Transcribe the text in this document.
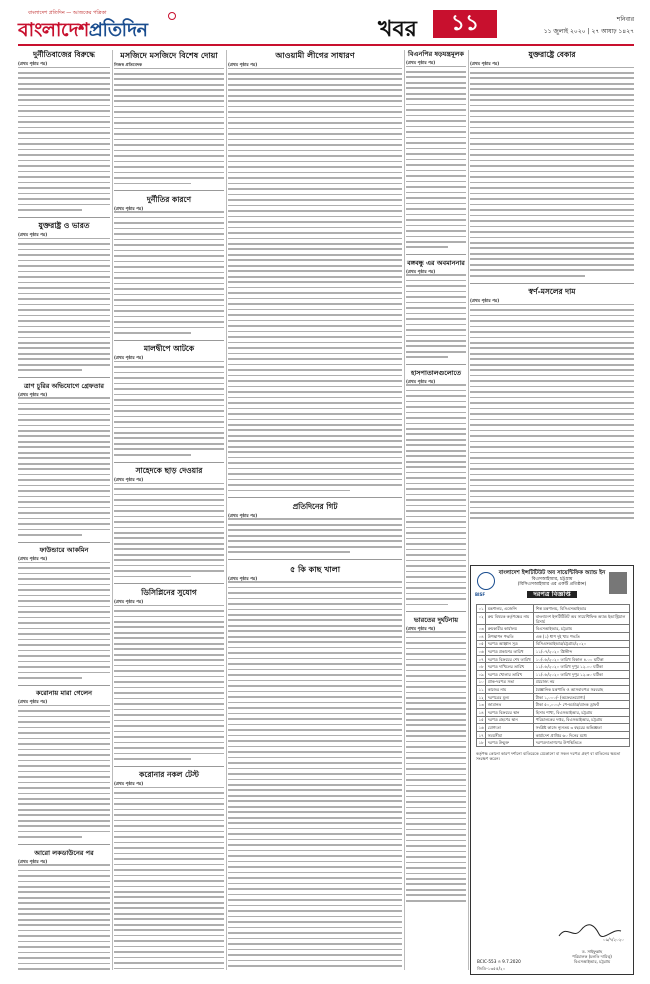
বাংলাদেশ প্রতিদিন — আজকের পত্রিকা
বাংলাদেশপ্রতিদিন	খবর	১১	শনিবার
১১ জুলাই ২০২০ | ২৭ আষাঢ় ১৪২৭
দুর্নীতিবাজের বিরুদ্ধে
(প্রথম পৃষ্ঠার পর)
যুক্তরাষ্ট্র ও ভারত
(প্রথম পৃষ্ঠার পর)
ত্রাণ চুরির অভিযোগে গ্রেফতার
(প্রথম পৃষ্ঠার পর)
ফাউন্ডারে আকমিন
(প্রথম পৃষ্ঠার পর)
করোনায় মারা গেলেন
(প্রথম পৃষ্ঠার পর)
আরো লকডাউনের পর
(প্রথম পৃষ্ঠার পর)
মসজিদে মসজিদে বিশেষ দোয়া
নিজস্ব প্রতিবেদক
দুর্নীতির কারণে
(প্রথম পৃষ্ঠার পর)
মালদ্বীপে আটকে
(প্রথম পৃষ্ঠার পর)
সাহেদকে ছাড় দেওয়ার
(প্রথম পৃষ্ঠার পর)
ডিসিপ্লিনের সুযোগ
(প্রথম পৃষ্ঠার পর)
করোনার নকল টেস্ট
(প্রথম পৃষ্ঠার পর)
আওয়ামী লীগের সাধারণ
(প্রথম পৃষ্ঠার পর)
প্রতিদিনের গিট
(প্রথম পৃষ্ঠার পর)
৫ কি কাছ খালা
(প্রথম পৃষ্ঠার পর)
বিএনপির ষড়যন্ত্রমূলক
(প্রথম পৃষ্ঠার পর)
বঙ্গবন্ধু এর অবমাননার
(প্রথম পৃষ্ঠার পর)
হাসপাতালগুলোতে
(প্রথম পৃষ্ঠার পর)
ভারতের দুর্ঘটনায়
(প্রথম পৃষ্ঠার পর)
যুক্তরাষ্ট্রে বেকার
(প্রথম পৃষ্ঠার পর)
স্বর্ণ-মসলের দাম
(প্রথম পৃষ্ঠার পর)
BISF
বাংলাদেশ ইন্সটিটিউট অব সায়েন্টিফিক অ্যান্ড ইন
বিএসআইআর, চট্টগ্রাম
(বিসিএসআইআর এর একটি প্রতিষ্ঠান)
দরপত্র বিজ্ঞপ্তি
০১	মন্ত্রণালয়, এজেন্সি	শিল্প মন্ত্রণালয়, বিসিএসআইআর
০২	ক্রয় বিষয়ক কর্তৃপক্ষের নাম	বাংলাদেশ ইন্সটিটিউট অব সায়েন্টিফিক অ্যান্ড ইন্ডাস্ট্রিয়াল রিসার্চ
০৩	ক্রয়কারীর কার্যালয়	বিএসআইআর, চট্টগ্রাম
০৪	উপস্থাপন পদ্ধতি	এক (১) ধাপ দুই খাম পদ্ধতি
০৫	দরপত্র আহ্বান সূত্র	বিসিএসআইআর/চট্টগ্রাম/২০২০
০৬	দরপত্র প্রকাশের তারিখ	১১/০৭/২০২০ খ্রিস্টাব্দ
০৭	দরপত্র বিক্রয়ের শেষ তারিখ	১০/০৮/২০২০ তারিখ বিকাল ৪.০০ ঘটিকা
০৮	দরপত্র দাখিলের তারিখ	১১/০৮/২০২০ তারিখ দুপুর ১২.০০ ঘটিকা
০৯	দরপত্র খোলার তারিখ	১১/০৮/২০২০ তারিখ দুপুর ১২.৩০ ঘটিকা
১০	প্রাক-দরপত্র সভা	প্রযোজ্য নয়
১১	কাজের নাম	বৈজ্ঞানিক যন্ত্রপাতি ও আসবাবপত্র সরবরাহ
১২	দরপত্রের মূল্য	টাকা ১,০০০/- (অফেরতযোগ্য)
১৩	জামানত	টাকা ৫০,০০০/- পে-অর্ডার/ব্যাংক ড্রাফট
১৪	দরপত্র বিক্রয়ের স্থান	হিসাব শাখা, বিএসআইআর, চট্টগ্রাম
১৫	দরপত্র গ্রহণের স্থান	পরিচালকের দপ্তর, বিএসআইআর, চট্টগ্রাম
১৬	যোগ্যতা	সংশ্লিষ্ট কাজে ন্যূনতম ৩ বছরের অভিজ্ঞতা
১৭	সময়সীমা	কার্যাদেশ প্রাপ্তির ৬০ দিনের মধ্যে
১৮	দরপত্র উন্মুক্ত	দরপত্রদাতাগণের উপস্থিতিতে
কর্তৃপক্ষ কোনো কারণ দর্শানো ব্যতিরেকে যেকোনো বা সকল দরপত্র গ্রহণ বা বাতিলের ক্ষমতা সংরক্ষণ করেন।
০৯/৭/২০২০
ড. সাইফুল্লাহ
পরিচালক (চলতি দায়িত্ব)
বিএসআইআর, চট্টগ্রাম
BCIC-553 ও 9.7.2020
জিডি-১৩৫৫/২০
